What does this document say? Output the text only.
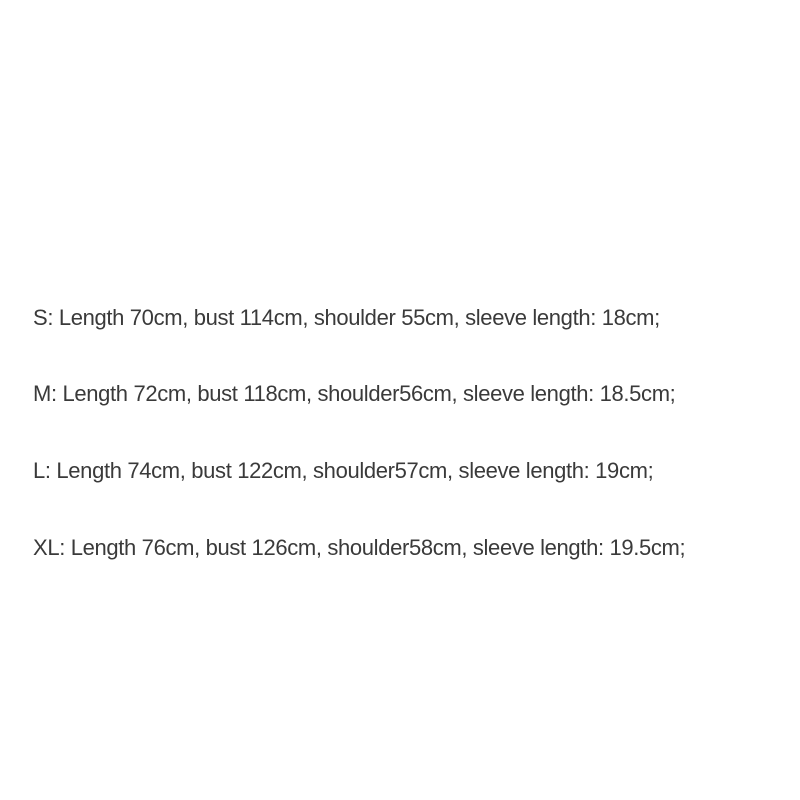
S: Length 70cm, bust 114cm, shoulder 55cm, sleeve length: 18cm;

M: Length 72cm, bust 118cm, shoulder56cm, sleeve length: 18.5cm;

L: Length 74cm, bust 122cm, shoulder57cm, sleeve length: 19cm;

XL: Length 76cm, bust 126cm, shoulder58cm, sleeve length: 19.5cm;
